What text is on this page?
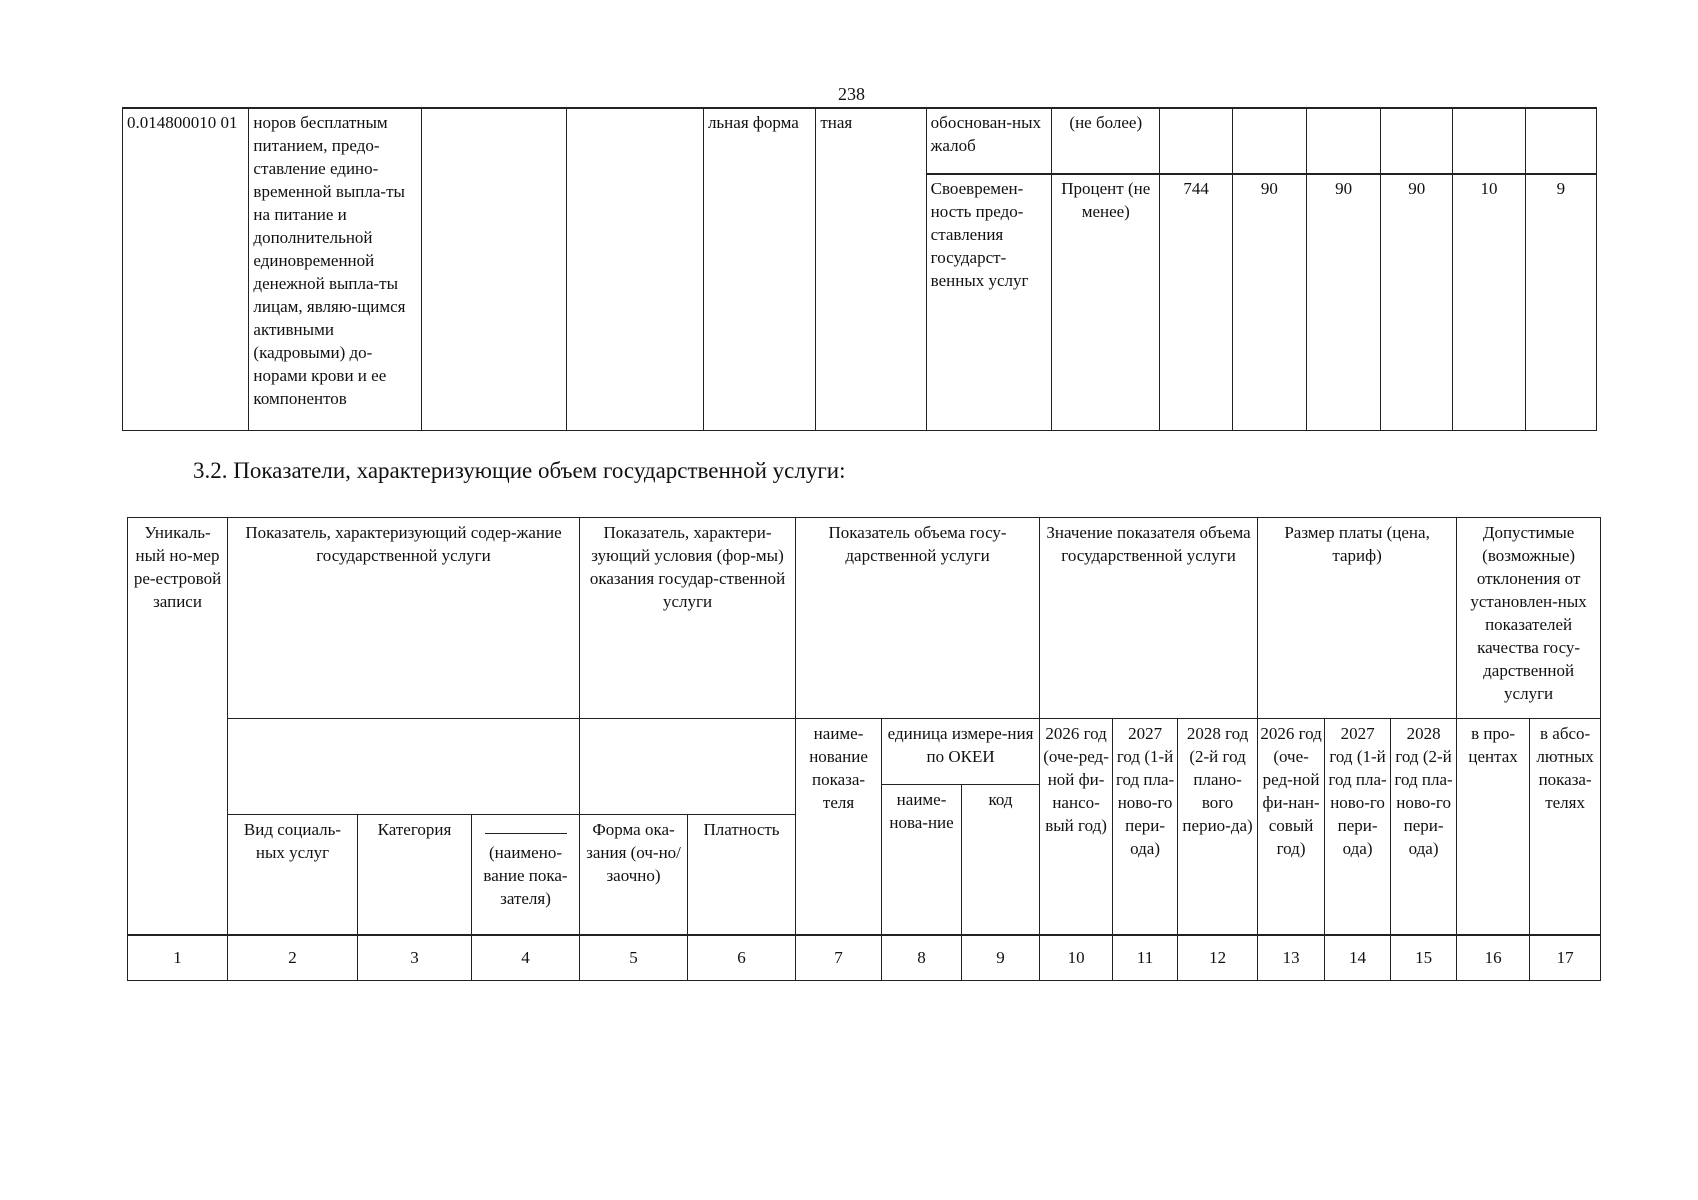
238
0.014800010 01	норов бесплатным питанием, предо-ставление едино-временной выпла-ты на питание и дополнительной единовременной денежной выпла-ты лицам, являю-щимся активными (кадровыми) до-норами крови и ее компонентов			льная форма	тная	обоснован-ных жалоб	(не более)						
						Своевремен-ность предо-ставления государст-венных услуг	Процент (не менее)	744	90	90	90	10	9
3.2. Показатели, характеризующие объем государственной услуги:
Уникаль-ный но-мер ре-естровой записи	Показатель, характеризующий содер-жание государственной услуги			Показатель, характери-зующий условия (фор-мы) оказания государ-ственной услуги		Показатель объема госу-дарственной услуги			Значение показателя объема государственной услуги			Размер платы (цена, тариф)			Допустимые (возможные) отклонения от установлен-ных показателей качества госу-дарственной услуги	
						наиме-нование показа-теля	единица измере-ния по ОКЕИ		2026 год (оче-ред-ной фи-нансо-вый год)	2027 год (1-й год пла-ново-го пери-ода)	2028 год (2-й год плано-вого перио-да)	2026 год (оче-ред-ной фи-нан-совый год)	2027 год (1-й год пла-ново-го пери-ода)	2028 год (2-й год пла-ново-го пери-ода)	в про-центах	в абсо-лютных показа-телях
							наиме-нова-ние	код								
	Вид социаль-ных услуг	Категория	(наимено-вание пока-зателя)	Форма ока-зания (оч-но/заочно)	Платность											
1	2	3	4	5	6	7	8	9	10	11	12	13	14	15	16	17
